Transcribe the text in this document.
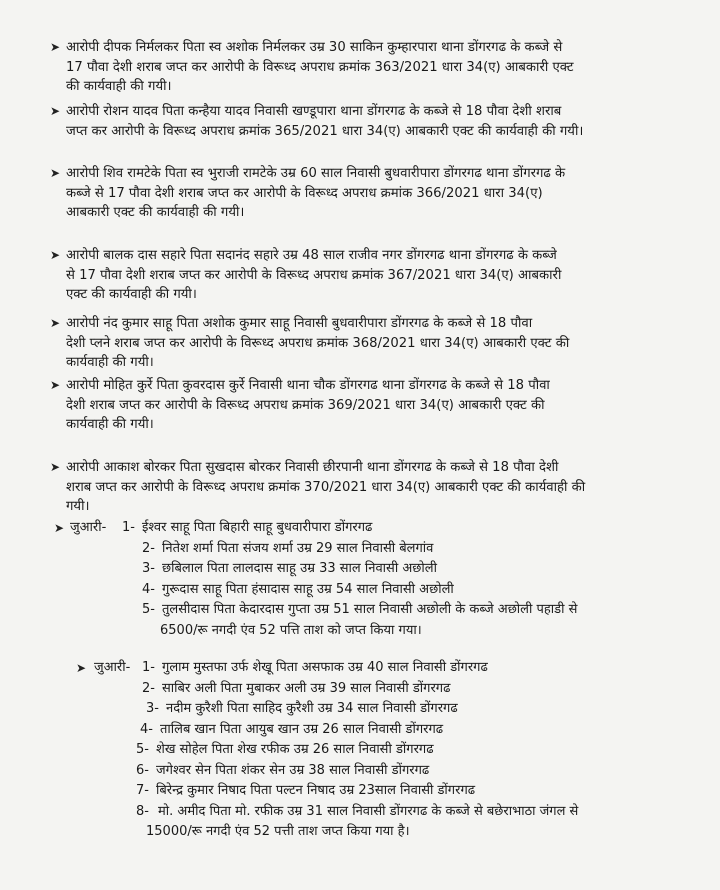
➤ आरोपी दीपक निर्मलकर पिता स्व अशोक निर्मलकर उम्र 30 साकिन कुम्हारपारा थाना डोंगरगढ के कब्जे से
17 पौवा देशी शराब जप्त कर आरोपी के विरूध्द अपराध क्रमांक 363/2021 धारा 34(ए) आबकारी एक्ट
की कार्यवाही की गयी।
➤ आरोपी रोशन यादव पिता कन्हैया यादव निवासी खण्डूपारा थाना डोंगरगढ के कब्जे से 18 पौवा देशी शराब
जप्त कर आरोपी के विरूध्द अपराध क्रमांक 365/2021 धारा 34(ए) आबकारी एक्ट की कार्यवाही की गयी।
➤ आरोपी शिव रामटेके पिता स्व भुराजी रामटेके उम्र 60 साल निवासी बुधवारीपारा डोंगरगढ थाना डोंगरगढ के
कब्जे से 17 पौवा देशी शराब जप्त कर आरोपी के विरूध्द अपराध क्रमांक 366/2021 धारा 34(ए)
आबकारी एक्ट की कार्यवाही की गयी।
➤ आरोपी बालक दास सहारे पिता सदानंद सहारे उम्र 48 साल राजीव नगर डोंगरगढ थाना डोंगरगढ के कब्जे
से 17 पौवा देशी शराब जप्त कर आरोपी के विरूध्द अपराध क्रमांक 367/2021 धारा 34(ए) आबकारी
एक्ट की कार्यवाही की गयी।
➤ आरोपी नंद कुमार साहू पिता अशोक कुमार साहू निवासी बुधवारीपारा डोंगरगढ के कब्जे से 18 पौवा
देशी प्लने शराब जप्त कर आरोपी के विरूध्द अपराध क्रमांक 368/2021 धारा 34(ए) आबकारी एक्ट की
कार्यवाही की गयी।
➤ आरोपी मोहित कुर्रे पिता कुवरदास कुर्रे निवासी थाना चौक डोंगरगढ थाना डोंगरगढ के कब्जे से 18 पौवा
देशी शराब जप्त कर आरोपी के विरूध्द अपराध क्रमांक 369/2021 धारा 34(ए) आबकारी एक्ट की
कार्यवाही की गयी।
➤ आरोपी आकाश बोरकर पिता सुखदास बोरकर निवासी छीरपानी थाना डोंगरगढ के कब्जे से 18 पौवा देशी
शराब जप्त कर आरोपी के विरूध्द अपराध क्रमांक 370/2021 धारा 34(ए) आबकारी एक्ट की कार्यवाही की
गयी।
➤ जुआरी- 1- ईश्वर साहू पिता बिहारी साहू बुधवारीपारा डोंगरगढ
2- नितेश शर्मा पिता संजय शर्मा उम्र 29 साल निवासी बेलगांव
3- छबिलाल पिता लालदास साहू उम्र 33 साल निवासी अछोली
4- गुरूदास साहू पिता हंसादास साहू उम्र 54 साल निवासी अछोली
5- तुलसीदास पिता केदारदास गुप्ता उम्र 51 साल निवासी अछोली के कब्जे अछोली पहाडी से
6500/रू नगदी एंव 52 पत्ति ताश को जप्त किया गया।
➤ जुआरी- 1- गुलाम मुस्तफा उर्फ शेखू पिता असफाक उम्र 40 साल निवासी डोंगरगढ
2- साबिर अली पिता मुबाकर अली उम्र 39 साल निवासी डोंगरगढ
3- नदीम कुरैशी पिता साहिद कुरैशी उम्र 34 साल निवासी डोंगरगढ
4- तालिब खान पिता आयुब खान उम्र 26 साल निवासी डोंगरगढ
5- शेख सोहेल पिता शेख रफीक उम्र 26 साल निवासी डोंगरगढ
6- जगेश्वर सेन पिता शंकर सेन उम्र 38 साल निवासी डोंगरगढ
7- बिरेन्द्र कुमार निषाद पिता पल्टन निषाद उम्र 23साल निवासी डोंगरगढ
8- मो. अमीद पिता मो. रफीक उम्र 31 साल निवासी डोंगरगढ के कब्जे से बछेराभाठा जंगल से
15000/रू नगदी एंव 52 पत्ती ताश जप्त किया गया है।
